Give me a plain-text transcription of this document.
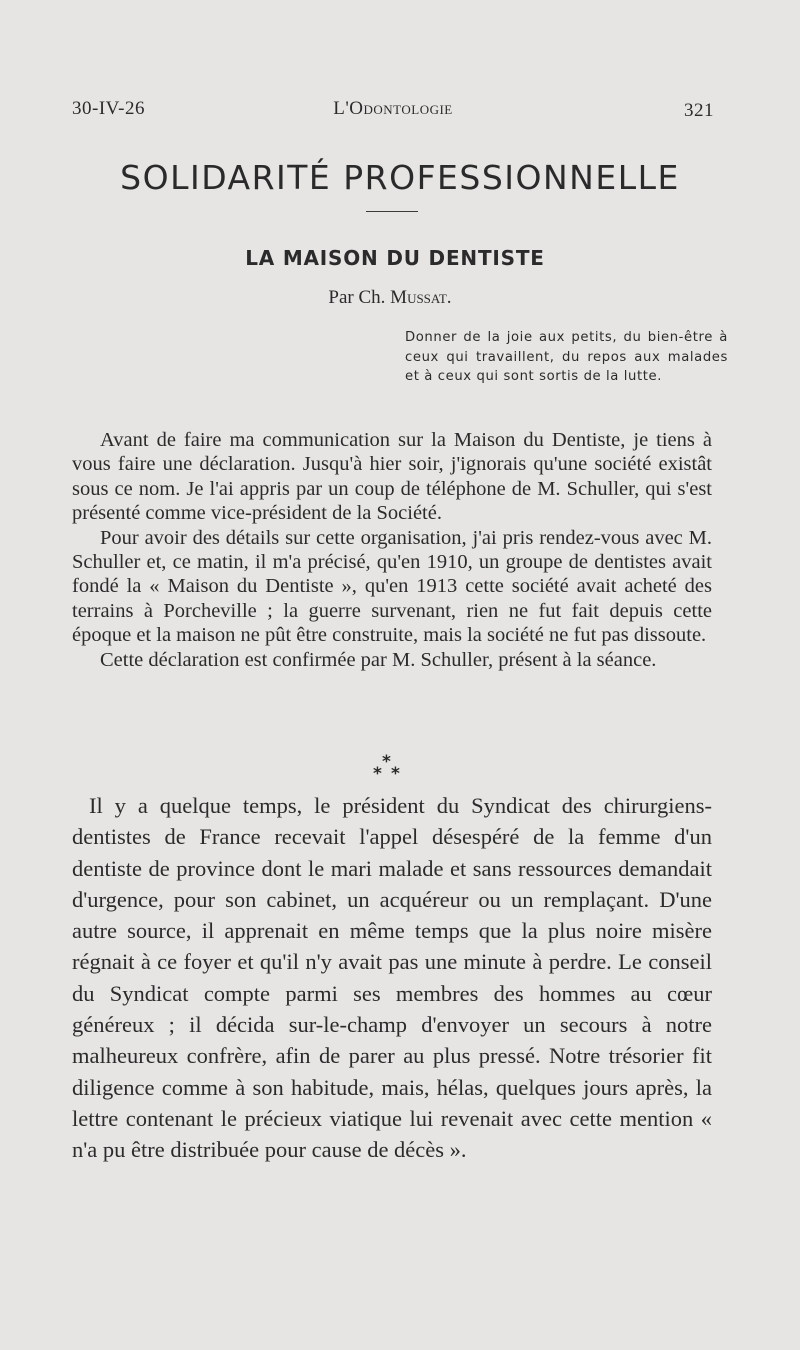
30-IV-26	L'Odontologie	321
SOLIDARITÉ PROFESSIONNELLE
LA MAISON DU DENTISTE
Par Ch. Mussat.

Donner de la joie aux petits, du bien-être à ceux qui travaillent, du repos aux malades et à ceux qui sont sortis de la lutte.

Avant de faire ma communication sur la Maison du Dentiste, je tiens à vous faire une déclaration. Jusqu'à hier soir, j'ignorais qu'une société existât sous ce nom. Je l'ai appris par un coup de téléphone de M. Schuller, qui s'est présenté comme vice-président de la Société.

Pour avoir des détails sur cette organisation, j'ai pris rendez-vous avec M. Schuller et, ce matin, il m'a précisé, qu'en 1910, un groupe de dentistes avait fondé la « Maison du Dentiste », qu'en 1913 cette société avait acheté des terrains à Porcheville ; la guerre survenant, rien ne fut fait depuis cette époque et la maison ne pût être construite, mais la société ne fut pas dissoute.

Cette déclaration est confirmée par M. Schuller, présent à la séance.

*
* *

Il y a quelque temps, le président du Syndicat des chirurgiens-dentistes de France recevait l'appel désespéré de la femme d'un dentiste de province dont le mari malade et sans ressources demandait d'urgence, pour son cabinet, un acquéreur ou un remplaçant. D'une autre source, il apprenait en même temps que la plus noire misère régnait à ce foyer et qu'il n'y avait pas une minute à perdre. Le conseil du Syndicat compte parmi ses membres des hommes au cœur généreux ; il décida sur-le-champ d'envoyer un secours à notre malheureux confrère, afin de parer au plus pressé. Notre trésorier fit diligence comme à son habitude, mais, hélas, quelques jours après, la lettre contenant le précieux viatique lui revenait avec cette mention « n'a pu être distribuée pour cause de décès ».
